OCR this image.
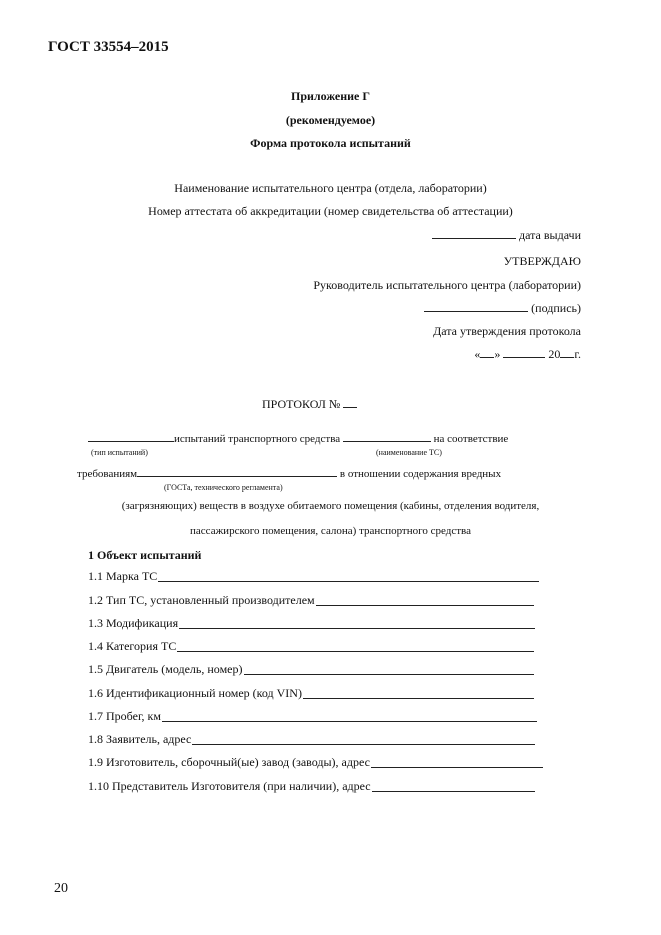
ГОСТ 33554–2015
Приложение Г
(рекомендуемое)
Форма протокола испытаний
Наименование испытательного центра (отдела, лаборатории)
Номер аттестата об аккредитации (номер свидетельства об аттестации)
дата выдачи
УТВЕРЖДАЮ
Руководитель испытательного центра (лаборатории)
(подпись)
Дата утверждения протокола
« »	20 г.
ПРОТОКОЛ №
испытаний транспортного средства	на соответствие
(тип испытаний)	(наименование ТС)
требованиям	в отношении содержания вредных
(ГОСТа, технического регламента)
(загрязняющих) веществ в воздухе обитаемого помещения (кабины, отделения водителя,
пассажирского помещения, салона) транспортного средства
1 Объект испытаний
1.1 Марка ТС
1.2 Тип ТС, установленный производителем
1.3 Модификация
1.4 Категория ТС
1.5 Двигатель (модель, номер)
1.6 Идентификационный номер (код VIN)
1.7 Пробег, км
1.8 Заявитель, адрес
1.9 Изготовитель, сборочный(ые) завод (заводы), адрес
1.10 Представитель Изготовителя (при наличии), адрес
20
